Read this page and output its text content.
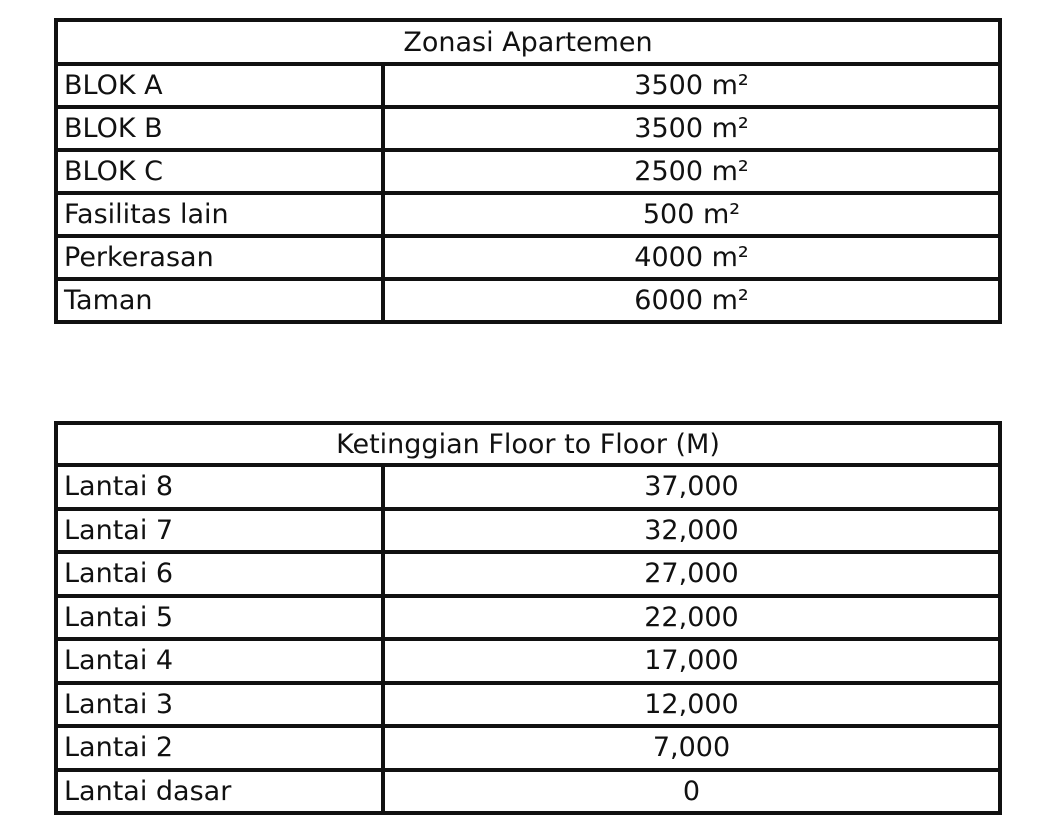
Zonasi Apartemen	
BLOK A	3500 m²
BLOK B	3500 m²
BLOK C	2500 m²
Fasilitas lain	500 m²
Perkerasan	4000 m²
Taman	6000 m²
Ketinggian Floor to Floor (M)	
Lantai 8	37,000
Lantai 7	32,000
Lantai 6	27,000
Lantai 5	22,000
Lantai 4	17,000
Lantai 3	12,000
Lantai 2	7,000
Lantai dasar	0
